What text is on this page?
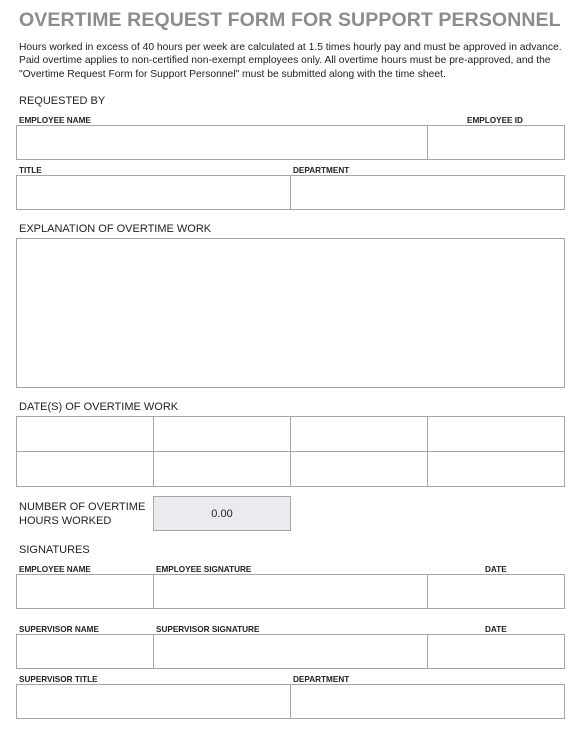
OVERTIME REQUEST FORM FOR SUPPORT PERSONNEL
Hours worked in excess of 40 hours per week are calculated at 1.5 times hourly pay and must be approved in advance. Paid overtime applies to non-certified non-exempt employees only. All overtime hours must be pre-approved, and the "Overtime Request Form for Support Personnel" must be submitted along with the time sheet.
REQUESTED BY
EMPLOYEE NAME	EMPLOYEE ID
TITLE	DEPARTMENT
EXPLANATION OF OVERTIME WORK
DATE(S) OF OVERTIME WORK
NUMBER OF OVERTIME
HOURS WORKED
0.00
SIGNATURES
EMPLOYEE NAME	EMPLOYEE SIGNATURE	DATE
SUPERVISOR NAME	SUPERVISOR SIGNATURE	DATE
SUPERVISOR TITLE	DEPARTMENT
